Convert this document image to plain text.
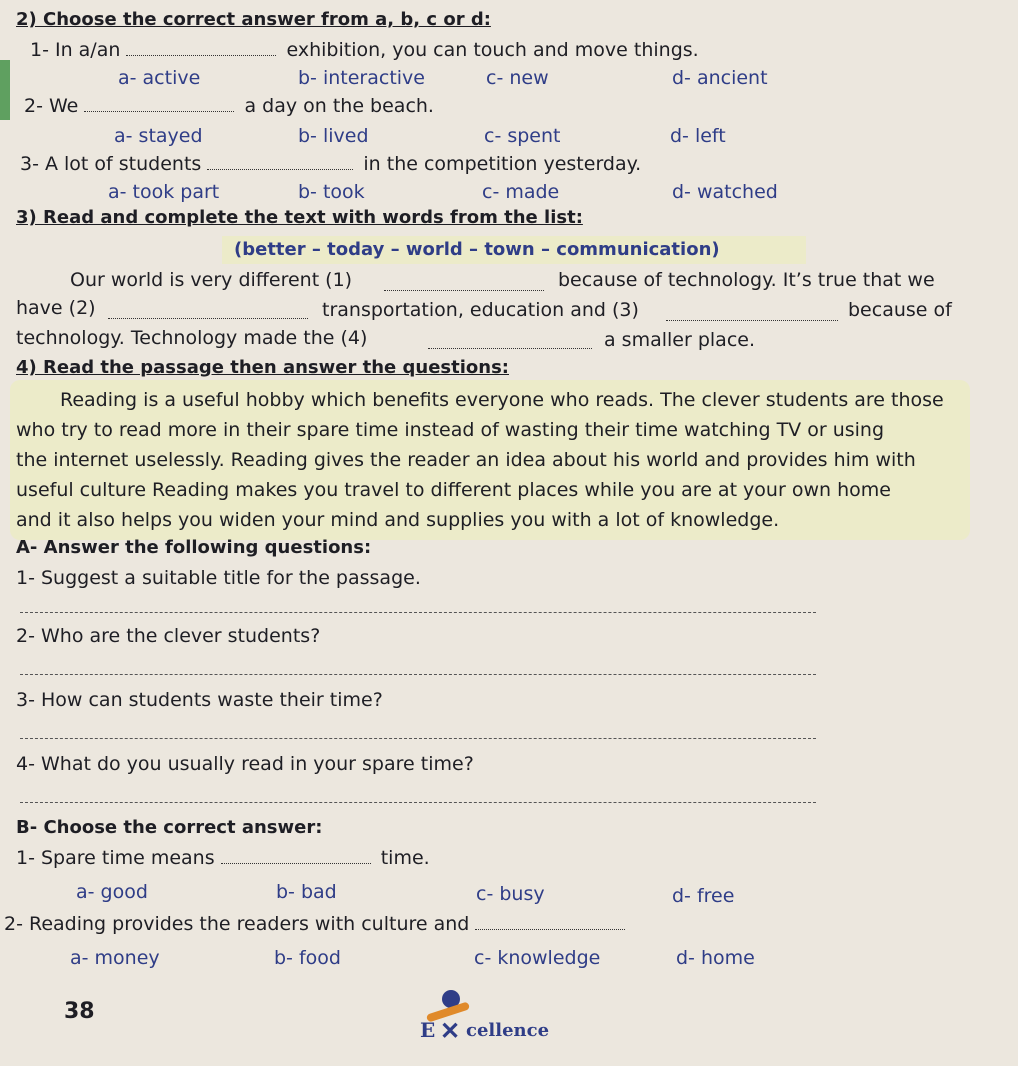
2) Choose the correct answer from a, b, c or d:
1- In a/an	exhibition, you can touch and move things.
a- active	b- interactive	c- new	d- ancient
2- We	a day on the beach.
a- stayed	b- lived	c- spent	d- left
3- A lot of students	in the competition yesterday.
a- took part	b- took	c- made	d- watched
3) Read and complete the text with words from the list:
(better – today – world – town – communication)
Our world is very different (1)	because of technology. It’s true that we
have (2)	transportation, education and (3)	because of
technology. Technology made the (4)	a smaller place.
4) Read the passage then answer the questions:
Reading is a useful hobby which benefits everyone who reads. The clever students are those
who try to read more in their spare time instead of wasting their time watching TV or using
the internet uselessly. Reading gives the reader an idea about his world and provides him with
useful culture Reading makes you travel to different places while you are at your own home
and it also helps you widen your mind and supplies you with a lot of knowledge.
A- Answer the following questions:
1- Suggest a suitable title for the passage.
2- Who are the clever students?
3- How can students waste their time?
4- What do you usually read in your spare time?
B- Choose the correct answer:
1- Spare time means	time.
a- good	b- bad	c- busy	d- free
2- Reading provides the readers with culture and
a- money	b- food	c- knowledge	d- home
38
E ✕ cellence
